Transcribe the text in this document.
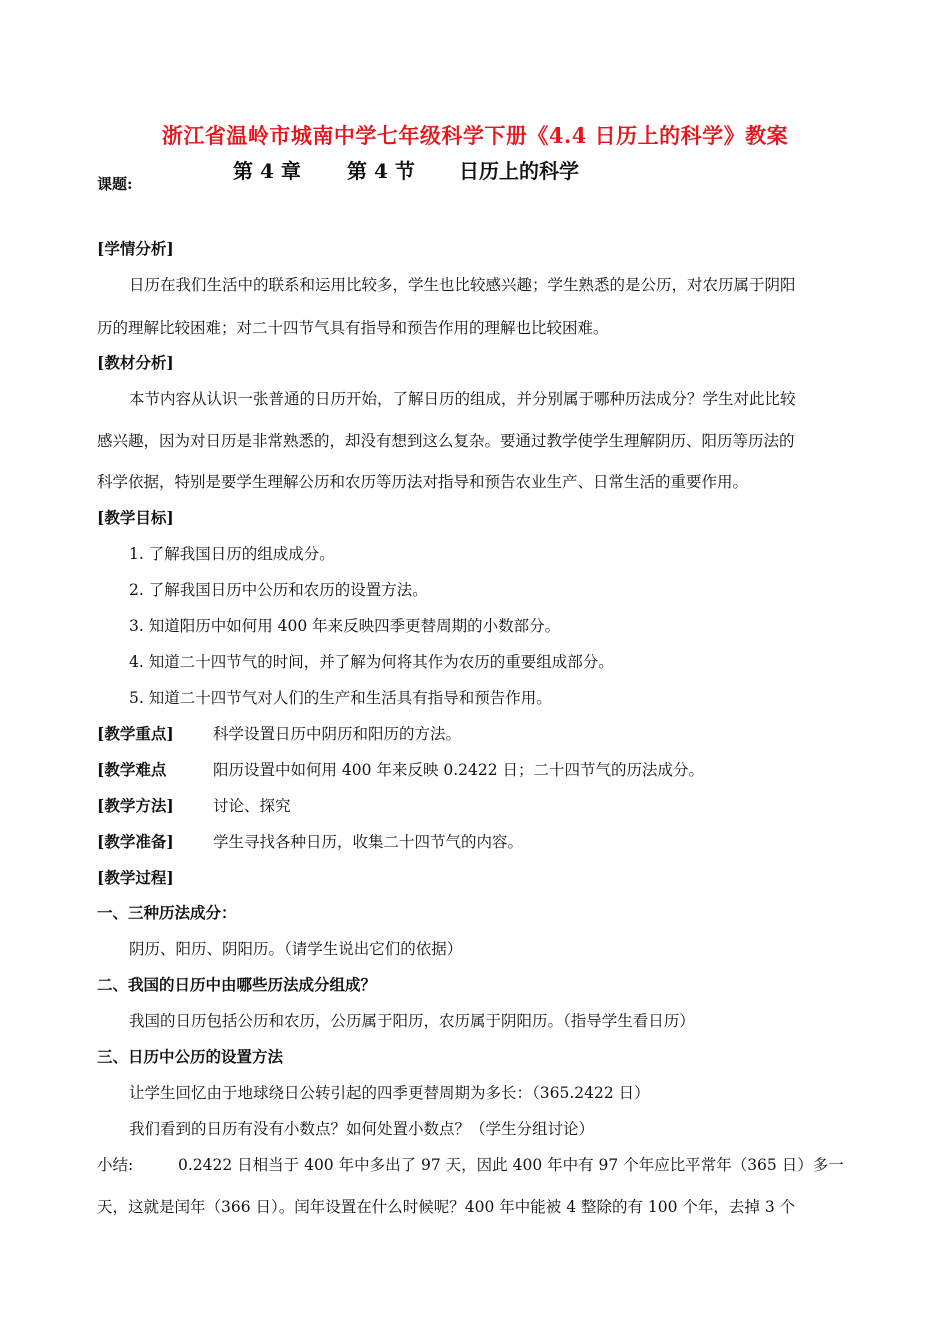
浙江省温岭市城南中学七年级科学下册《4.4 日历上的科学》教案
课题:
第 4 章 第 4 节 日历上的科学
[学情分析]
日历在我们生活中的联系和运用比较多，学生也比较感兴趣；学生熟悉的是公历，对农历属于阴阳
历的理解比较困难；对二十四节气具有指导和预告作用的理解也比较困难。
[教材分析]
本节内容从认识一张普通的日历开始，了解日历的组成，并分别属于哪种历法成分？学生对此比较
感兴趣，因为对日历是非常熟悉的，却没有想到这么复杂。要通过教学使学生理解阴历、阳历等历法的
科学依据，特别是要学生理解公历和农历等历法对指导和预告农业生产、日常生活的重要作用。
[教学目标]
1. 了解我国日历的组成成分。
2. 了解我国日历中公历和农历的设置方法。
3. 知道阳历中如何用 400 年来反映四季更替周期的小数部分。
4. 知道二十四节气的时间，并了解为何将其作为农历的重要组成部分。
5. 知道二十四节气对人们的生产和生活具有指导和预告作用。
[教学重点]	科学设置日历中阴历和阳历的方法。
[教学难点	阳历设置中如何用 400 年来反映 0.2422 日；二十四节气的历法成分。
[教学方法]	讨论、探究
[教学准备]	学生寻找各种日历，收集二十四节气的内容。
[教学过程]
一、三种历法成分：
阴历、阳历、阴阳历。（请学生说出它们的依据）
二、我国的日历中由哪些历法成分组成？
我国的日历包括公历和农历，公历属于阳历，农历属于阴阳历。（指导学生看日历）
三、日历中公历的设置方法
让学生回忆由于地球绕日公转引起的四季更替周期为多长：（365.2422 日）
我们看到的日历有没有小数点？如何处置小数点？（学生分组讨论）
小结:	0.2422 日相当于 400 年中多出了 97 天，因此 400 年中有 97 个年应比平常年（365 日）多一
天，这就是闰年（366 日）。闰年设置在什么时候呢？400 年中能被 4 整除的有 100 个年，去掉 3 个
